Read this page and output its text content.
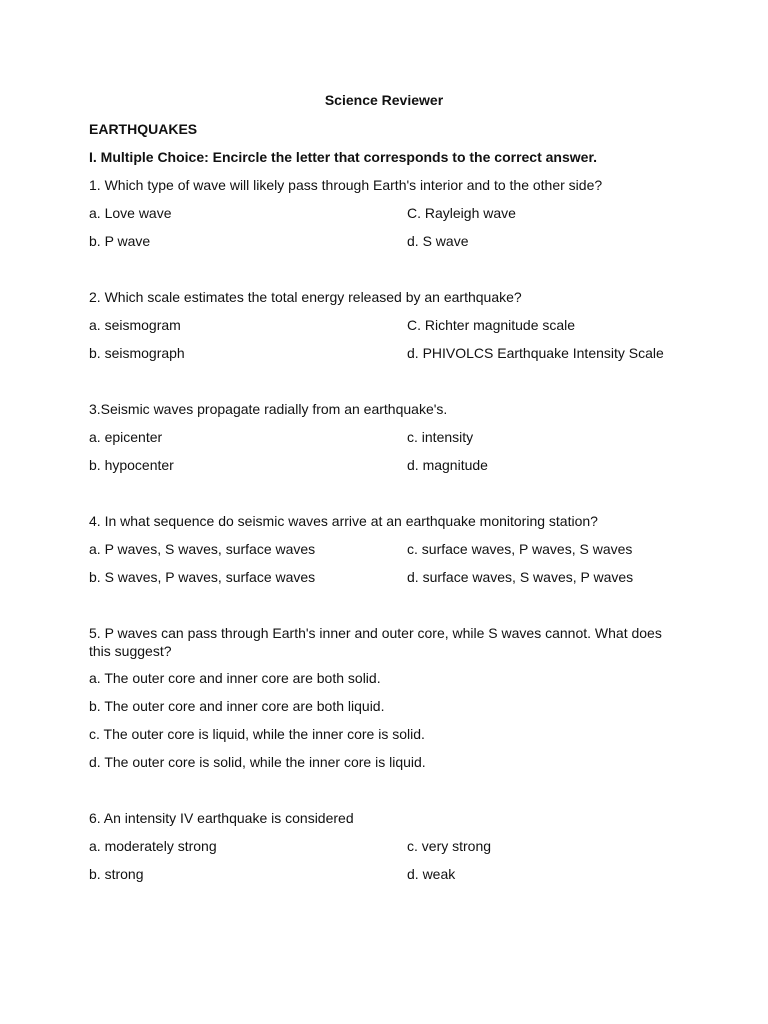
Science Reviewer
EARTHQUAKES
I. Multiple Choice: Encircle the letter that corresponds to the correct answer.
1. Which type of wave will likely pass through Earth's interior and to the other side?
a. Love wave	C. Rayleigh wave
b. P wave	d. S wave
2. Which scale estimates the total energy released by an earthquake?
a. seismogram	C. Richter magnitude scale
b. seismograph	d. PHIVOLCS Earthquake Intensity Scale
3.Seismic waves propagate radially from an earthquake's.
a. epicenter	c. intensity
b. hypocenter	d. magnitude
4. In what sequence do seismic waves arrive at an earthquake monitoring station?
a. P waves, S waves, surface waves	c. surface waves, P waves, S waves
b. S waves, P waves, surface waves	d. surface waves, S waves, P waves
5. P waves can pass through Earth's inner and outer core, while S waves cannot. What does this suggest?
a. The outer core and inner core are both solid.
b. The outer core and inner core are both liquid.
c. The outer core is liquid, while the inner core is solid.
d. The outer core is solid, while the inner core is liquid.
6. An intensity IV earthquake is considered
a. moderately strong	c. very strong
b. strong	d. weak
